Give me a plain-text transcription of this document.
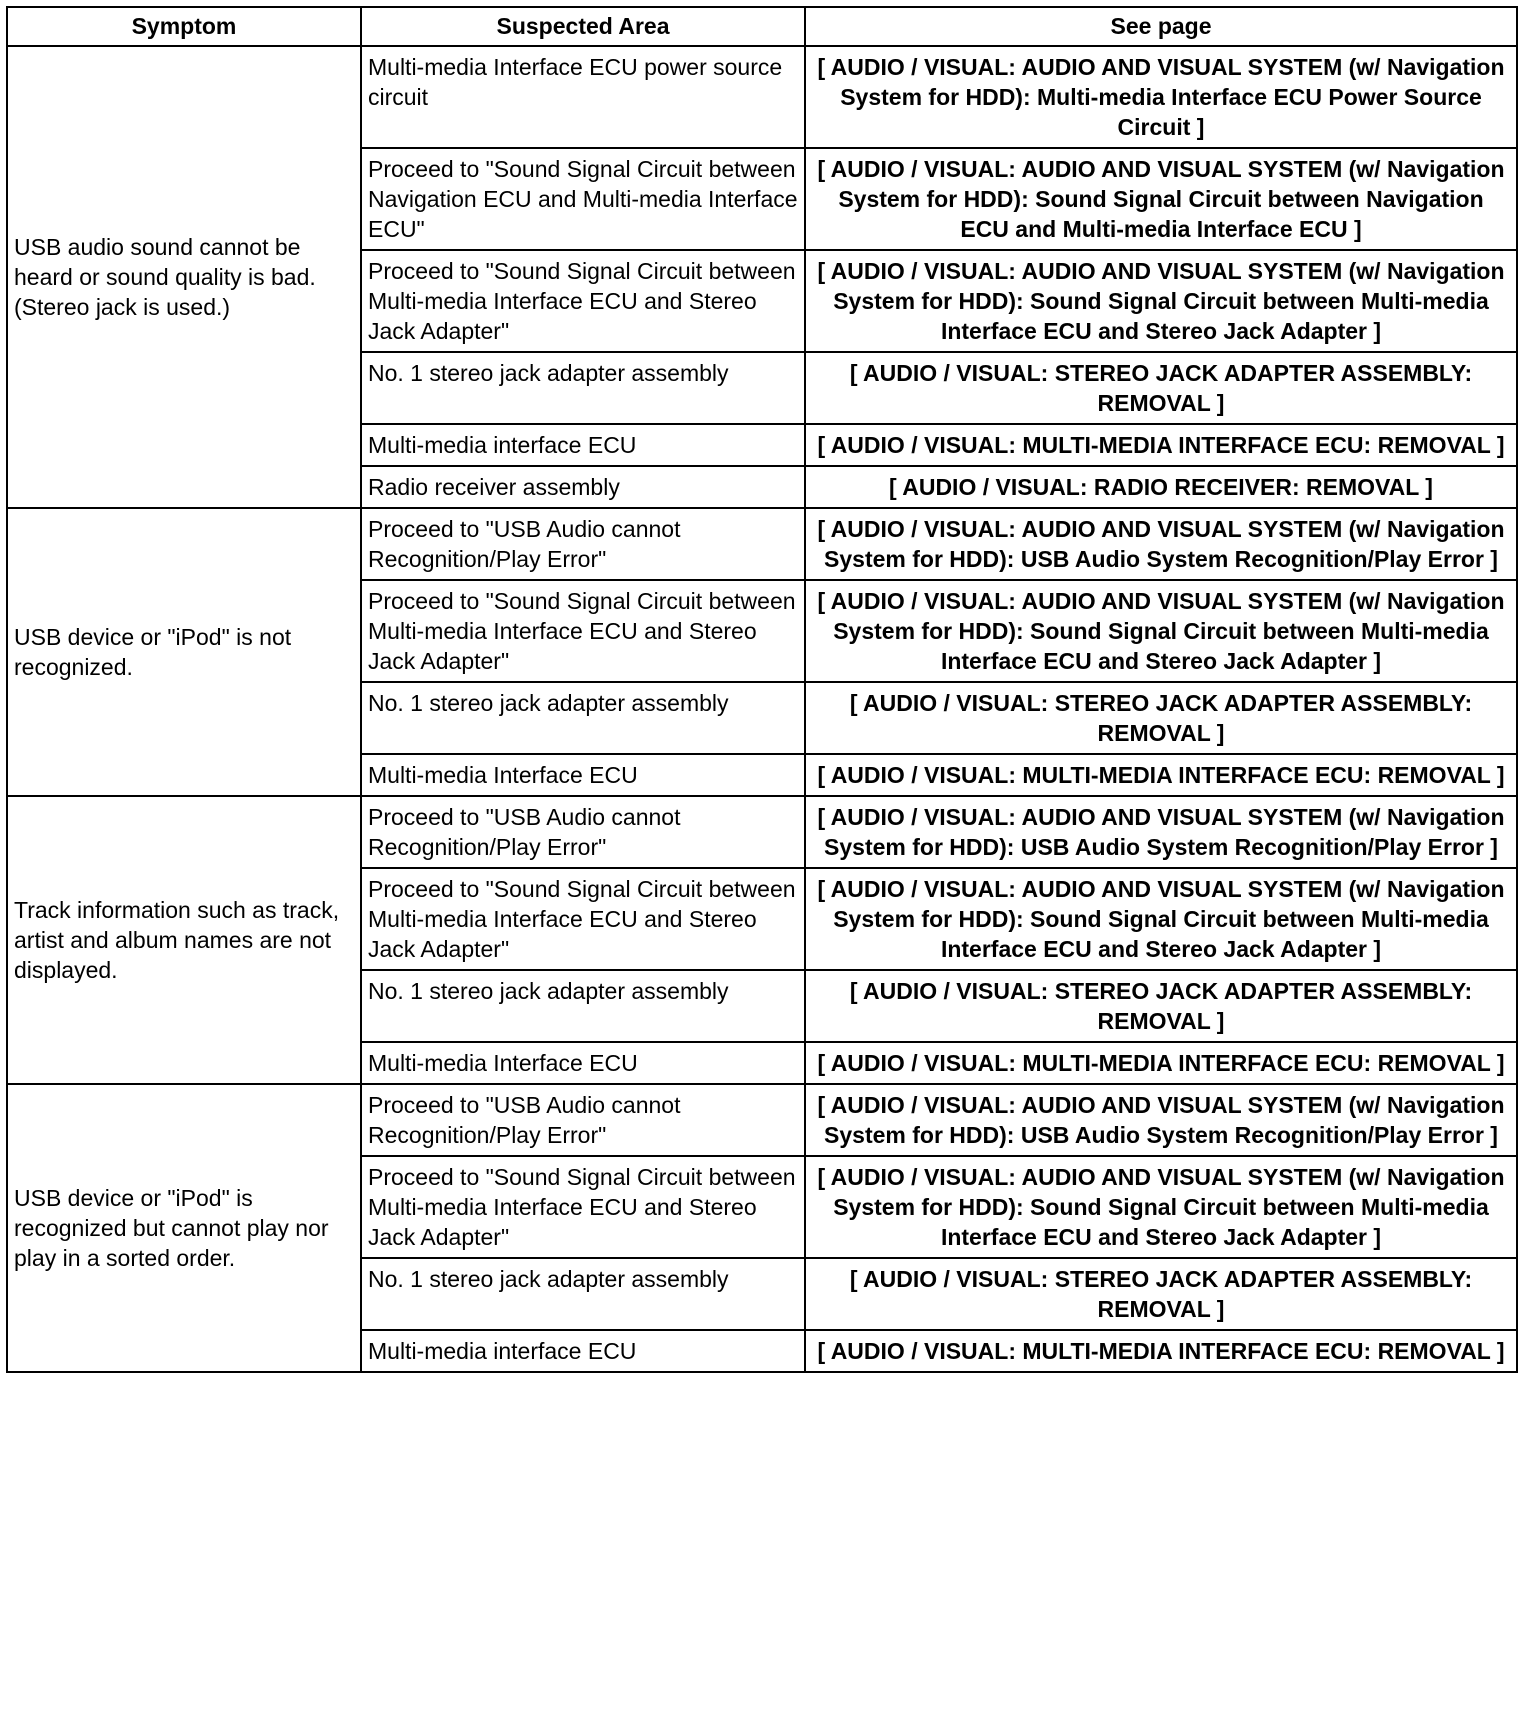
Symptom	Suspected Area	See page
USB audio sound cannot be heard or sound quality is bad. (Stereo jack is used.)	Multi-media Interface ECU power source circuit	[ AUDIO / VISUAL: AUDIO AND VISUAL SYSTEM (w/ Navigation System for HDD): Multi-media Interface ECU Power Source Circuit ]
	Proceed to "Sound Signal Circuit between Navigation ECU and Multi-media Interface ECU"	[ AUDIO / VISUAL: AUDIO AND VISUAL SYSTEM (w/ Navigation System for HDD): Sound Signal Circuit between Navigation ECU and Multi-media Interface ECU ]
	Proceed to "Sound Signal Circuit between Multi-media Interface ECU and Stereo Jack Adapter"	[ AUDIO / VISUAL: AUDIO AND VISUAL SYSTEM (w/ Navigation System for HDD): Sound Signal Circuit between Multi-media Interface ECU and Stereo Jack Adapter ]
	No. 1 stereo jack adapter assembly	[ AUDIO / VISUAL: STEREO JACK ADAPTER ASSEMBLY: REMOVAL ]
	Multi-media interface ECU	[ AUDIO / VISUAL: MULTI-MEDIA INTERFACE ECU: REMOVAL ]
	Radio receiver assembly	[ AUDIO / VISUAL: RADIO RECEIVER: REMOVAL ]
USB device or "iPod" is not recognized.	Proceed to "USB Audio cannot Recognition/Play Error"	[ AUDIO / VISUAL: AUDIO AND VISUAL SYSTEM (w/ Navigation System for HDD): USB Audio System Recognition/Play Error ]
	Proceed to "Sound Signal Circuit between Multi-media Interface ECU and Stereo Jack Adapter"	[ AUDIO / VISUAL: AUDIO AND VISUAL SYSTEM (w/ Navigation System for HDD): Sound Signal Circuit between Multi-media Interface ECU and Stereo Jack Adapter ]
	No. 1 stereo jack adapter assembly	[ AUDIO / VISUAL: STEREO JACK ADAPTER ASSEMBLY: REMOVAL ]
	Multi-media Interface ECU	[ AUDIO / VISUAL: MULTI-MEDIA INTERFACE ECU: REMOVAL ]
Track information such as track, artist and album names are not displayed.	Proceed to "USB Audio cannot Recognition/Play Error"	[ AUDIO / VISUAL: AUDIO AND VISUAL SYSTEM (w/ Navigation System for HDD): USB Audio System Recognition/Play Error ]
	Proceed to "Sound Signal Circuit between Multi-media Interface ECU and Stereo Jack Adapter"	[ AUDIO / VISUAL: AUDIO AND VISUAL SYSTEM (w/ Navigation System for HDD): Sound Signal Circuit between Multi-media Interface ECU and Stereo Jack Adapter ]
	No. 1 stereo jack adapter assembly	[ AUDIO / VISUAL: STEREO JACK ADAPTER ASSEMBLY: REMOVAL ]
	Multi-media Interface ECU	[ AUDIO / VISUAL: MULTI-MEDIA INTERFACE ECU: REMOVAL ]
USB device or "iPod" is recognized but cannot play nor play in a sorted order.	Proceed to "USB Audio cannot Recognition/Play Error"	[ AUDIO / VISUAL: AUDIO AND VISUAL SYSTEM (w/ Navigation System for HDD): USB Audio System Recognition/Play Error ]
	Proceed to "Sound Signal Circuit between Multi-media Interface ECU and Stereo Jack Adapter"	[ AUDIO / VISUAL: AUDIO AND VISUAL SYSTEM (w/ Navigation System for HDD): Sound Signal Circuit between Multi-media Interface ECU and Stereo Jack Adapter ]
	No. 1 stereo jack adapter assembly	[ AUDIO / VISUAL: STEREO JACK ADAPTER ASSEMBLY: REMOVAL ]
	Multi-media interface ECU	[ AUDIO / VISUAL: MULTI-MEDIA INTERFACE ECU: REMOVAL ]
